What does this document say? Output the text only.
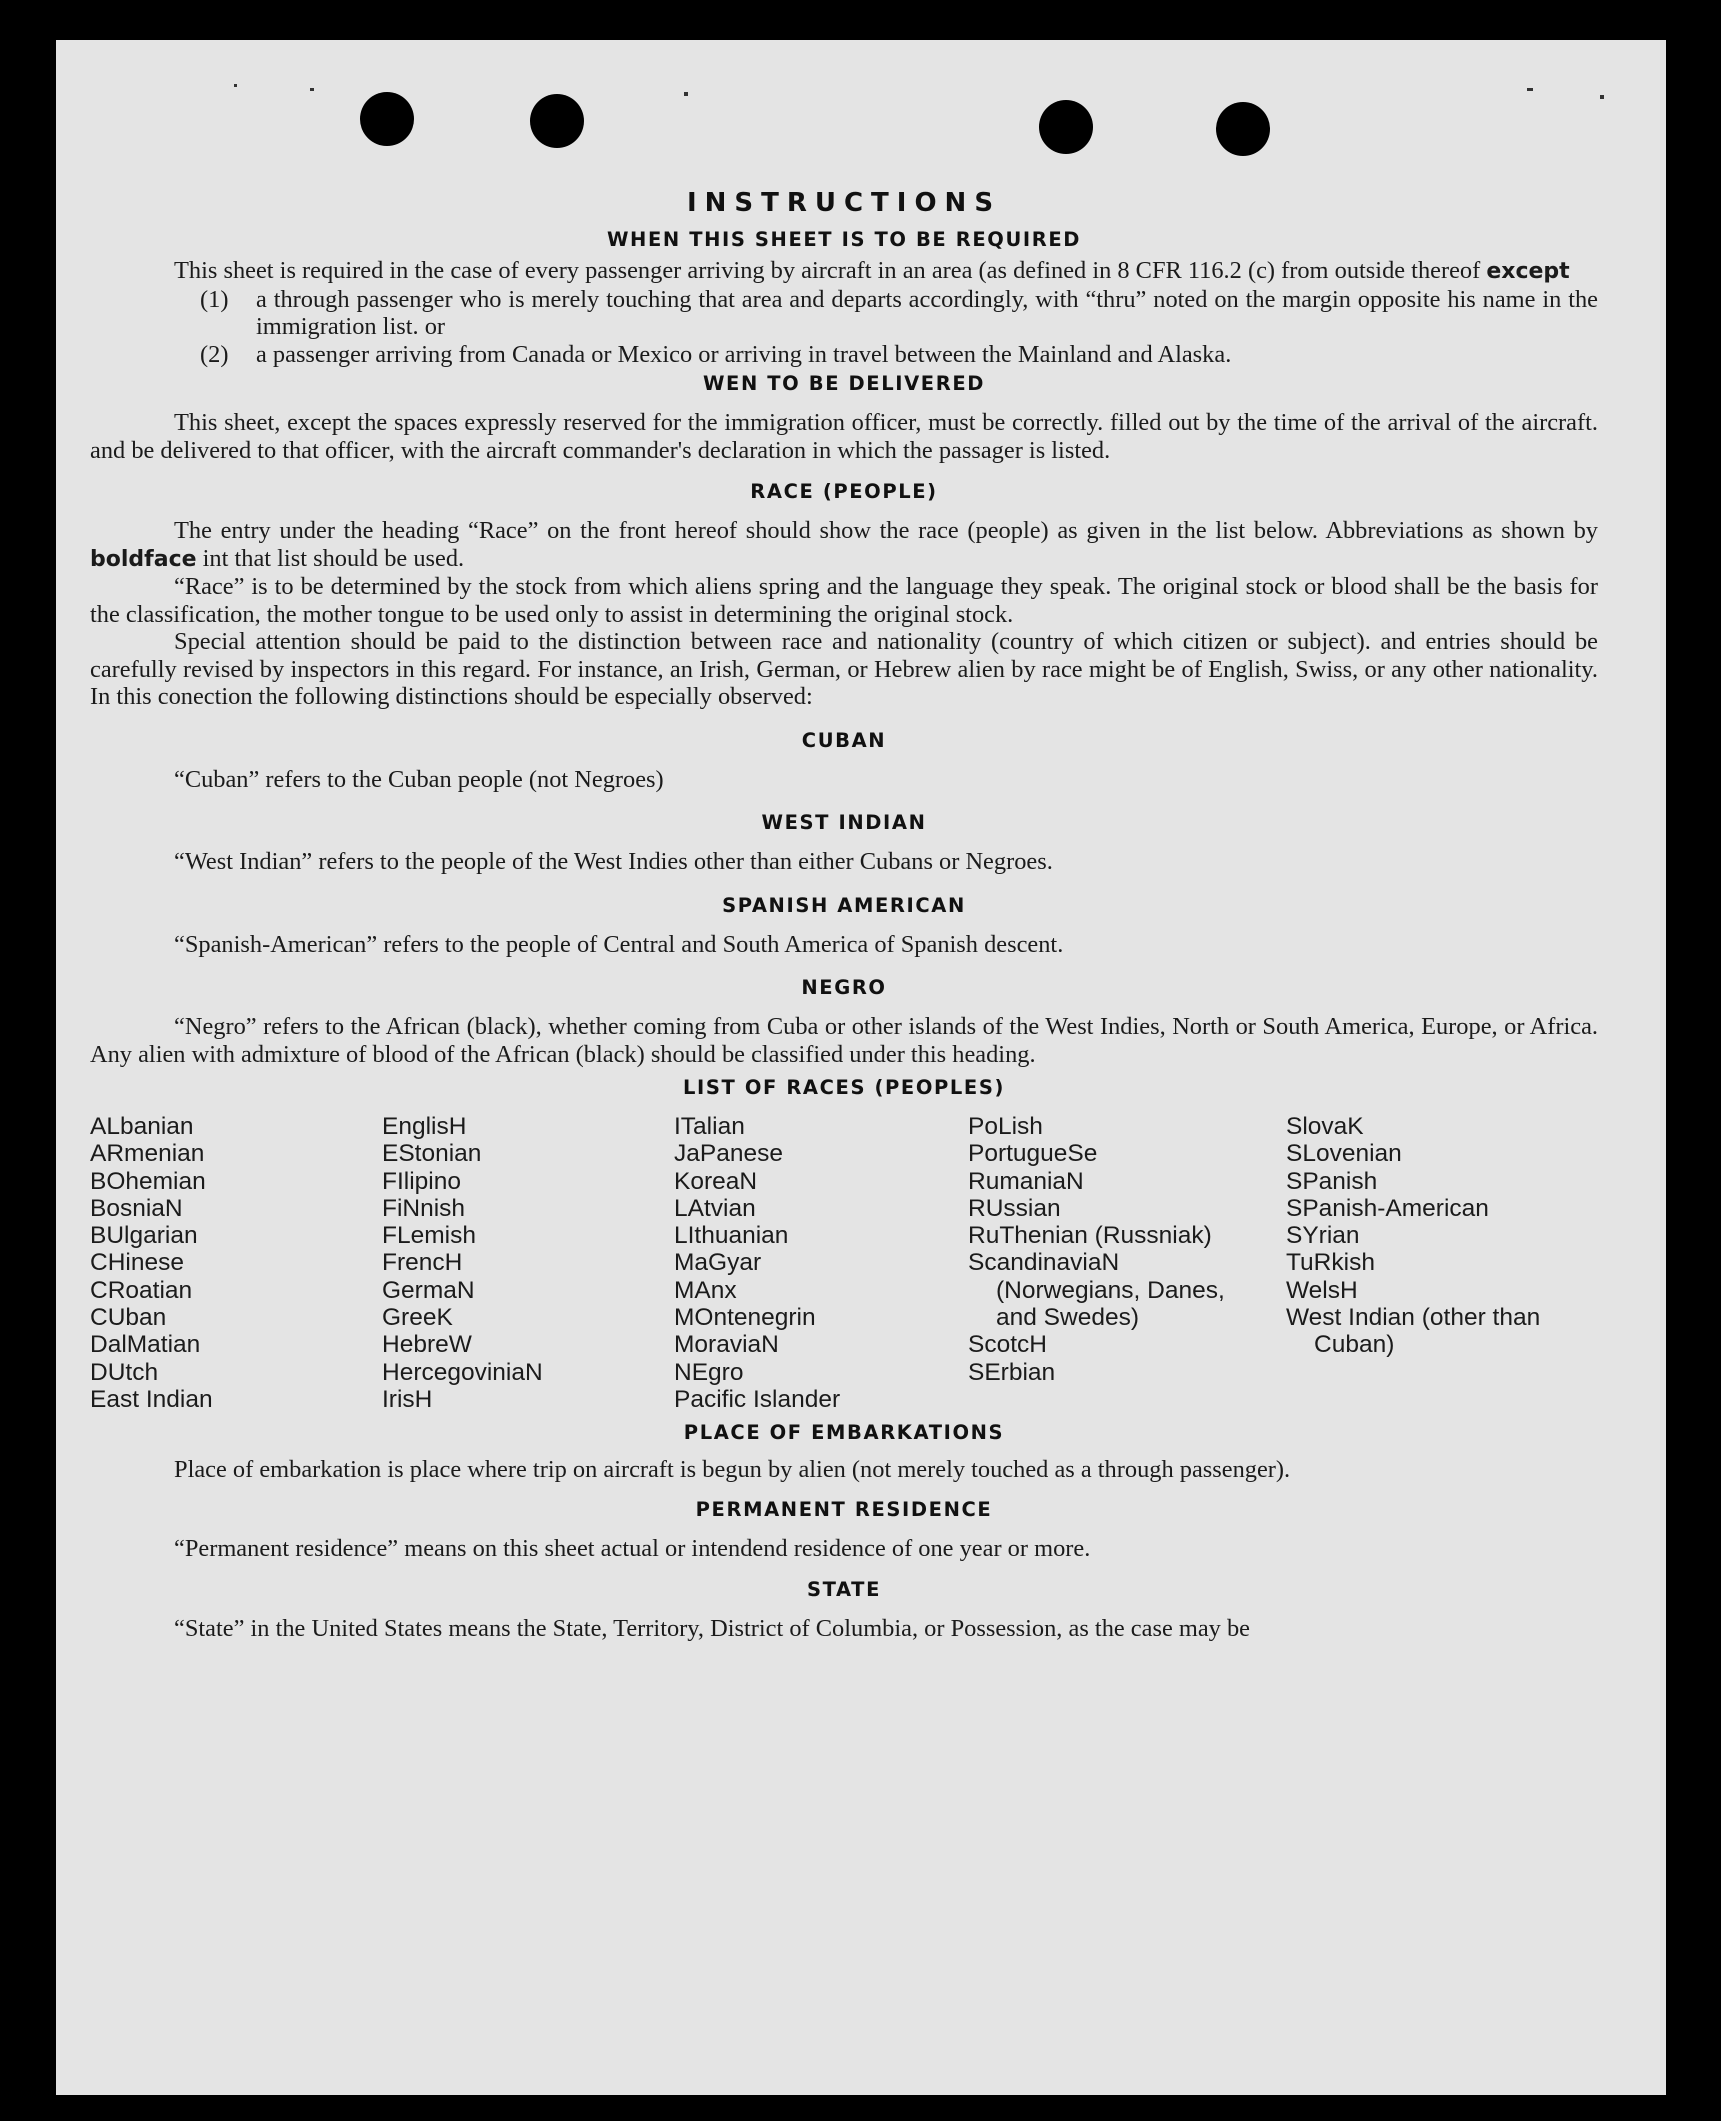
INSTRUCTIONS
WHEN THIS SHEET IS TO BE REQUIRED

This sheet is required in the case of every passenger arriving by aircraft in an area (as defined in 8 CFR 116.2 (c) from outside thereof except

(1)	a through passenger who is merely touching that area and departs accordingly, with “thru” noted on the margin opposite his name in the immigration list. or

(2)	a passenger arriving from Canada or Mexico or arriving in travel between the Mainland and Alaska.

WEN TO BE DELIVERED

This sheet, except the spaces expressly reserved for the immigration officer, must be correctly. filled out by the time of the arrival of the aircraft. and be delivered to that officer, with the aircraft commander's declaration in which the passager is listed.

RACE (PEOPLE)

The entry under the heading “Race” on the front hereof should show the race (people) as given in the list below. Abbreviations as shown by boldface int that list should be used.

“Race” is to be determined by the stock from which aliens spring and the language they speak. The original stock or blood shall be the basis for the classification, the mother tongue to be used only to assist in determining the original stock.

Special attention should be paid to the distinction between race and nationality (country of which citizen or subject). and entries should be carefully revised by inspectors in this regard. For instance, an Irish, German, or Hebrew alien by race might be of English, Swiss, or any other nationality. In this conection the following distinctions should be especially observed:

CUBAN

“Cuban” refers to the Cuban people (not Negroes)

WEST INDIAN

“West Indian” refers to the people of the West Indies other than either Cubans or Negroes.

SPANISH AMERICAN

“Spanish-American” refers to the people of Central and South America of Spanish descent.

NEGRO

“Negro” refers to the African (black), whether coming from Cuba or other islands of the West Indies, North or South America, Europe, or Africa. Any alien with admixture of blood of the African (black) should be classified under this heading.

LIST OF RACES (PEOPLES)
ALbanian
ARmenian
BOhemian
BosniaN
BUlgarian
CHinese
CRoatian
CUban
DalMatian
DUtch
East Indian
EnglisH
EStonian
FIlipino
FiNnish
FLemish
FrencH
GermaN
GreeK
HebreW
HercegoviniaN
IrisH
ITalian
JaPanese
KoreaN
LAtvian
LIthuanian
MaGyar
MAnx
MOntenegrin
MoraviaN
NEgro
Pacific Islander
PoLish
PortugueSe
RumaniaN
RUssian
RuThenian (Russniak)
ScandinaviaN (Norwegians, Danes, and Swedes)
ScotcH
SErbian
SlovaK
SLovenian
SPanish
SPanish-American
SYrian
TuRkish
WelsH
West Indian (other than Cuban)
PLACE OF EMBARKATIONS

Place of embarkation is place where trip on aircraft is begun by alien (not merely touched as a through passenger).

PERMANENT RESIDENCE

“Permanent residence” means on this sheet actual or intendend residence of one year or more.

STATE

“State” in the United States means the State, Territory, District of Columbia, or Possession, as the case may be
